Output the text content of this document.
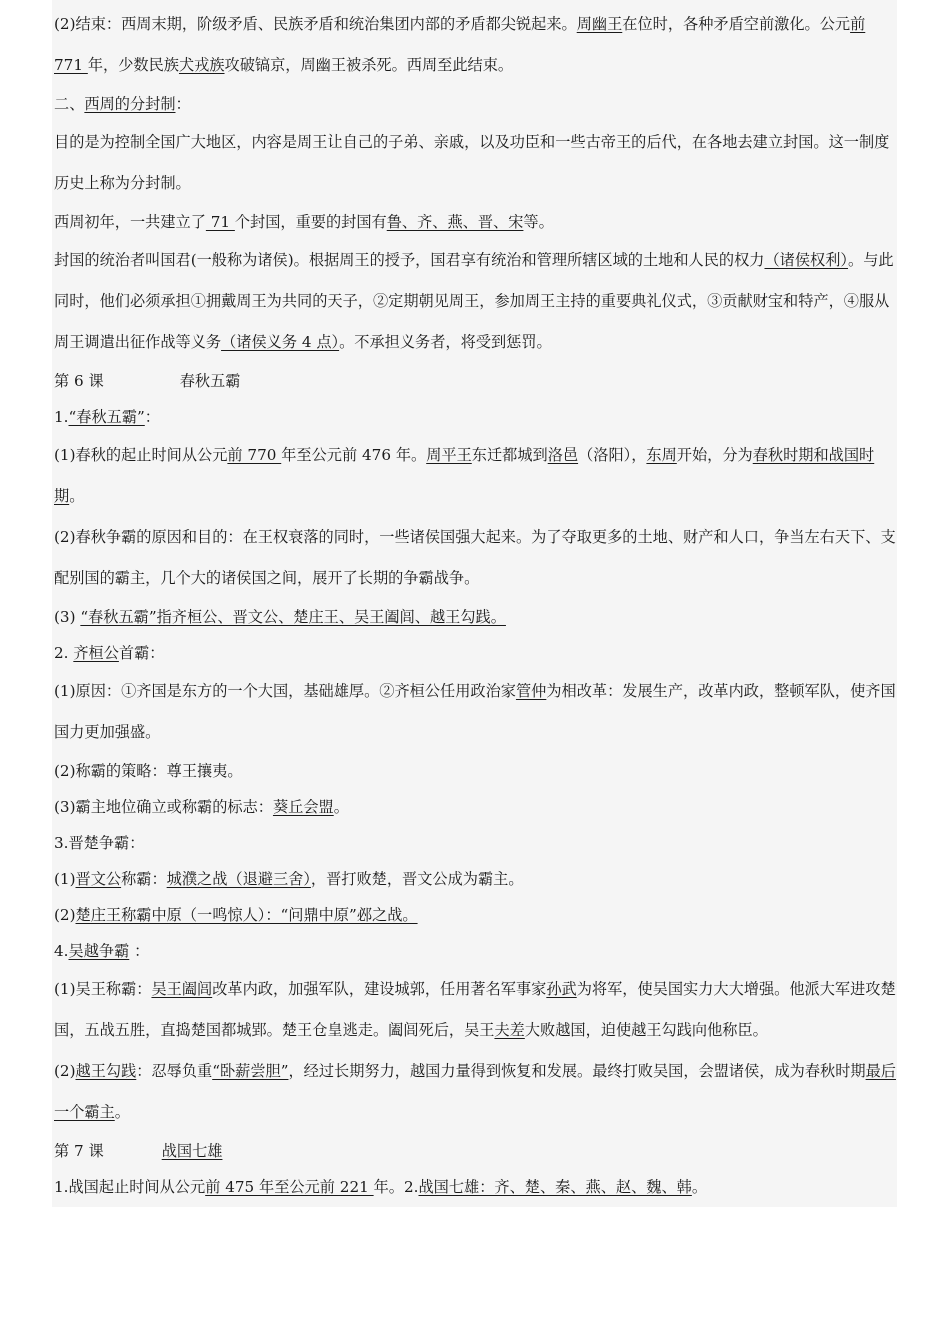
(2)结束：西周末期，阶级矛盾、民族矛盾和统治集团内部的矛盾都尖锐起来。周幽王在位时，各种矛盾空前激化。公元前 771 年，少数民族犬戎族攻破镐京，周幽王被杀死。西周至此结束。

二、西周的分封制：

目的是为控制全国广大地区，内容是周王让自己的子弟、亲戚，以及功臣和一些古帝王的后代，在各地去建立封国。这一制度历史上称为分封制。

西周初年，一共建立了 71 个封国，重要的封国有鲁、齐、燕、晋、宋等。

封国的统治者叫国君(一般称为诸侯)。根据周王的授予，国君享有统治和管理所辖区域的土地和人民的权力（诸侯权利）。与此同时，他们必须承担①拥戴周王为共同的天子，②定期朝见周王，参加周王主持的重要典礼仪式，③贡献财宝和特产，④服从周王调遣出征作战等义务（诸侯义务 4 点）。不承担义务者，将受到惩罚。

第 6 课	春秋五霸

1.“春秋五霸”：

(1)春秋的起止时间从公元前 770 年至公元前 476 年。周平王东迁都城到洛邑（洛阳），东周开始，分为春秋时期和战国时期。

(2)春秋争霸的原因和目的：在王权衰落的同时，一些诸侯国强大起来。为了夺取更多的土地、财产和人口，争当左右天下、支配别国的霸主，几个大的诸侯国之间，展开了长期的争霸战争。

(3) “春秋五霸”指齐桓公、晋文公、楚庄王、吴王阖闾、越王勾践。

2. 齐桓公首霸：

(1)原因：①齐国是东方的一个大国，基础雄厚。②齐桓公任用政治家管仲为相改革：发展生产，改革内政，整顿军队，使齐国国力更加强盛。

(2)称霸的策略：尊王攘夷。

(3)霸主地位确立或称霸的标志：葵丘会盟。

3.晋楚争霸：

(1)晋文公称霸：城濮之战（退避三舍），晋打败楚，晋文公成为霸主。

(2)楚庄王称霸中原（一鸣惊人）：“问鼎中原”邲之战。

4.吴越争霸 ：

(1)吴王称霸：吴王阖闾改革内政，加强军队，建设城郭，任用著名军事家孙武为将军，使吴国实力大大增强。他派大军进攻楚国，五战五胜，直捣楚国都城郢。楚王仓皇逃走。阖闾死后，吴王夫差大败越国，迫使越王勾践向他称臣。

(2)越王勾践：忍辱负重“卧薪尝胆”，经过长期努力，越国力量得到恢复和发展。最终打败吴国，会盟诸侯，成为春秋时期最后一个霸主。

第 7 课	战国七雄

1.战国起止时间从公元前 475 年至公元前 221 年。2.战国七雄：齐、楚、秦、燕、赵、魏、韩。
